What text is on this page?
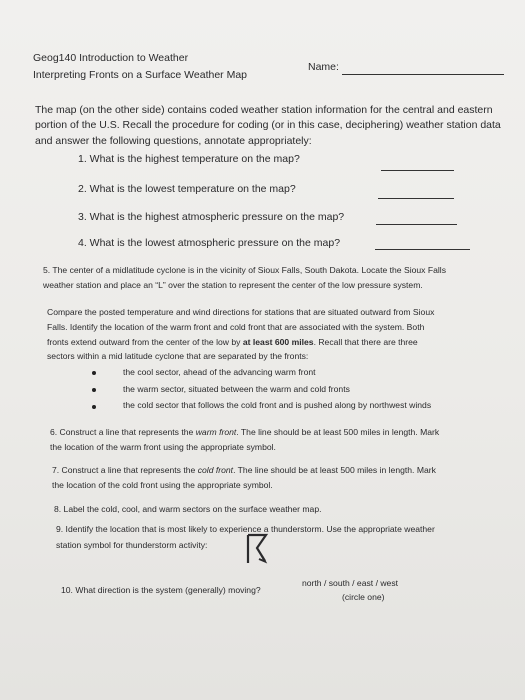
Geog140 Introduction to Weather
Interpreting Fronts on a Surface Weather Map
Name:
The map (on the other side) contains coded weather station information for the central and eastern
portion of the U.S. Recall the procedure for coding (or in this case, deciphering) weather station data
and answer the following questions, annotate appropriately:
1. What is the highest temperature on the map?
2. What is the lowest temperature on the map?
3. What is the highest atmospheric pressure on the map?
4. What is the lowest atmospheric pressure on the map?
5. The center of a midlatitude cyclone is in the vicinity of Sioux Falls, South Dakota. Locate the Sioux Falls
weather station and place an “L” over the station to represent the center of the low pressure system.
Compare the posted temperature and wind directions for stations that are situated outward from Sioux
Falls. Identify the location of the warm front and cold front that are associated with the system. Both
fronts extend outward from the center of the low by at least 600 miles. Recall that there are three
sectors within a mid latitude cyclone that are separated by the fronts:
the cool sector, ahead of the advancing warm front
the warm sector, situated between the warm and cold fronts
the cold sector that follows the cold front and is pushed along by northwest winds
6. Construct a line that represents the warm front. The line should be at least 500 miles in length. Mark
the location of the warm front using the appropriate symbol.
7. Construct a line that represents the cold front. The line should be at least 500 miles in length. Mark
the location of the cold front using the appropriate symbol.
8. Label the cold, cool, and warm sectors on the surface weather map.
9. Identify the location that is most likely to experience a thunderstorm. Use the appropriate weather
station symbol for thunderstorm activity:
10. What direction is the system (generally) moving?
north / south / east / west
(circle one)
